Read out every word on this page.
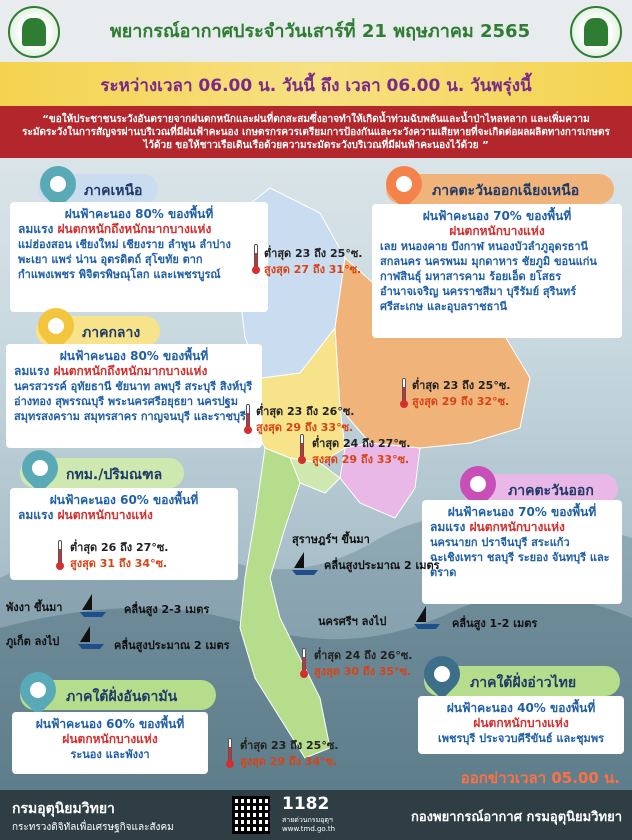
พยากรณ์อากาศประจำวันเสาร์ที่ 21 พฤษภาคม 2565
ระหว่างเวลา 06.00 น. วันนี้ ถึง เวลา 06.00 น. วันพรุ่งนี้
“ขอให้ประชาชนระวังอันตรายจากฝนตกหนักและฝนที่ตกสะสมซึ่งอาจทำให้เกิดน้ำท่วมฉับพลันและน้ำป่าไหลหลาก และเพิ่มความระมัดระวังในการสัญจรผ่านบริเวณที่มีฝนฟ้าคะนอง เกษตรกรควรเตรียมการป้องกันและระวังความเสียหายที่จะเกิดต่อผลผลิตทางการเกษตรไว้ด้วย ขอให้ชาวเรือเดินเรือด้วยความระมัดระวังบริเวณที่มีฝนฟ้าคะนองไว้ด้วย ”
ภาคเหนือ
ฝนฟ้าคะนอง 80% ของพื้นที่
ลมแรง ฝนตกหนักถึงหนักมากบางแห่ง
แม่ฮ่องสอน เชียงใหม่ เชียงราย ลำพูน ลำปาง พะเยา แพร่ น่าน อุตรดิตถ์ สุโขทัย ตาก กำแพงเพชร พิจิตรพิษณุโลก และเพชรบูรณ์
ต่ำสุด 23 ถึง 25°ซ.
สูงสุด 27 ถึง 31°ซ.
ภาคตะวันออกเฉียงเหนือ
ฝนฟ้าคะนอง 70% ของพื้นที่
ฝนตกหนักบางแห่ง
เลย หนองคาย บึงกาฬ หนองบัวลำภูอุดรธานี สกลนคร นครพนม มุกดาหาร ชัยภูมิ ขอนแก่น กาฬสินธุ์ มหาสารคาม ร้อยเอ็ด ยโสธร อำนาจเจริญ นครราชสีมา บุรีรัมย์ สุรินทร์ ศรีสะเกษ และอุบลราชธานี
ต่ำสุด 23 ถึง 25°ซ.
สูงสุด 29 ถึง 32°ซ.
ภาคกลาง
ฝนฟ้าคะนอง 80% ของพื้นที่
ลมแรง ฝนตกหนักถึงหนักมากบางแห่ง
นครสวรรค์ อุทัยธานี ชัยนาท ลพบุรี สระบุรี สิงห์บุรี อ่างทอง สุพรรณบุรี พระนครศรีอยุธยา นครปฐม สมุทรสงคราม สมุทรสาคร กาญจนบุรี และราชบุรี ต่ำสุด 23 ถึง 26°ซ.
สูงสุด 29 ถึง 33°ซ.
ต่ำสุด 24 ถึง 27°ซ.
สูงสุด 29 ถึง 33°ซ.
กทม./ปริมณฑล
ฝนฟ้าคะนอง 60% ของพื้นที่
ลมแรง ฝนตกหนักบางแห่ง
ต่ำสุด 26 ถึง 27°ซ.
สูงสุด 31 ถึง 34°ซ.
ภาคตะวันออก
ฝนฟ้าคะนอง 70% ของพื้นที่
ลมแรง ฝนตกหนักบางแห่ง
นครนายก ปราจีนบุรี สระแก้ว ฉะเชิงเทรา ชลบุรี ระยอง จันทบุรี และตราด
สุราษฎร์ฯ ขึ้นมา
คลื่นสูงประมาณ 2 เมตร
พังงา ขึ้นมา	คลื่นสูง 2-3 เมตร
ภูเก็ต ลงไป	คลื่นสูงประมาณ 2 เมตร
นครศรีฯ ลงไป	คลื่นสูง 1-2 เมตร
ต่ำสุด 24 ถึง 26°ซ.
สูงสุด 30 ถึง 35°ซ.
ภาคใต้ฝั่งอ่าวไทย
ฝนฟ้าคะนอง 40% ของพื้นที่
ฝนตกหนักบางแห่ง
เพชรบุรี ประจวบคีรีขันธ์ และชุมพร
ภาคใต้ฝั่งอันดามัน
ฝนฟ้าคะนอง 60% ของพื้นที่
ฝนตกหนักบางแห่ง
ระนอง และพังงา
ต่ำสุด 23 ถึง 25°ซ.
สูงสุด 29 ถึง 34°ซ.
ออกข่าวเวลา 05.00 น.
กรมอุตุนิยมวิทยา
กระทรวงดิจิทัลเพื่อเศรษฐกิจและสังคม
1182
สายด่วนกรมอุตุฯ
www.tmd.go.th
กองพยากรณ์อากาศ กรมอุตุนิยมวิทยา
